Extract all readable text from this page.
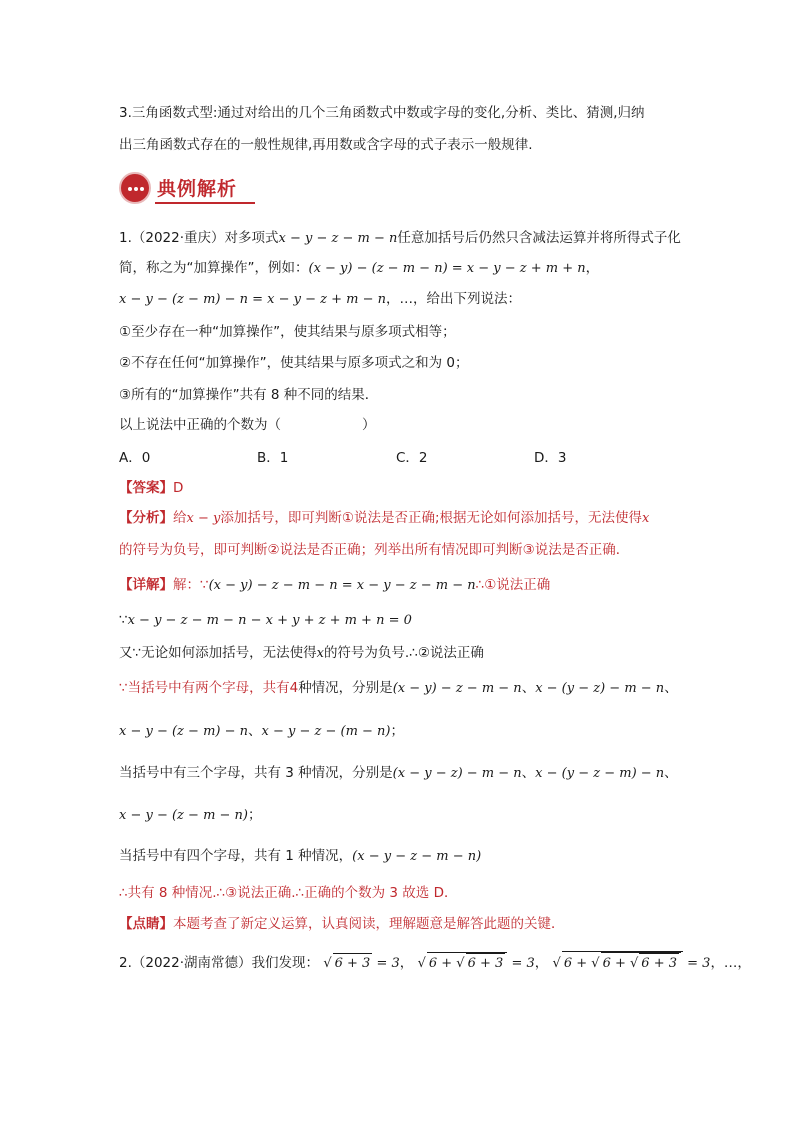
3.三角函数式型:通过对给出的几个三角函数式中数或字母的变化,分析、类比、猜测,归纳
出三角函数式存在的一般性规律,再用数或含字母的式子表示一般规律.
典例解析
1.（2022·重庆）对多项式x − y − z − m − n任意加括号后仍然只含减法运算并将所得式子化
简，称之为“加算操作”，例如：(x − y) − (z − m − n) = x − y − z + m + n，
x − y − (z − m) − n = x − y − z + m − n，…，给出下列说法：
①至少存在一种“加算操作”，使其结果与原多项式相等；
②不存在任何“加算操作”，使其结果与原多项式之和为 0；
③所有的“加算操作”共有 8 种不同的结果．
以上说法中正确的个数为（　　　　　　）
A．0	B．1	C．2	D．3
【答案】D
【分析】给x − y添加括号，即可判断①说法是否正确;根据无论如何添加括号，无法使得x
的符号为负号，即可判断②说法是否正确；列举出所有情况即可判断③说法是否正确．
【详解】解：∵(x − y) − z − m − n = x − y − z − m − n∴①说法正确
∵x − y − z − m − n − x + y + z + m + n = 0
又∵无论如何添加括号，无法使得x的符号为负号.∴②说法正确
∵当括号中有两个字母，共有4种情况，分别是(x − y) − z − m − n、x − (y − z) − m − n、
x − y − (z − m) − n、x − y − z − (m − n)；
当括号中有三个字母，共有 3 种情况，分别是(x − y − z) − m − n、x − (y − z − m) − n、
x − y − (z − m − n)；
当括号中有四个字母，共有 1 种情况，(x − y − z − m − n)
∴共有 8 种情况.∴③说法正确.∴正确的个数为 3 故选 D．
【点睛】本题考查了新定义运算，认真阅读，理解题意是解答此题的关键．
2.（2022·湖南常德）我们发现： √ 6 + 3 = 3， √ 6 + √ 6 + 3 = 3， √ 6 + √ 6 + √ 6 + 3 = 3，…，
